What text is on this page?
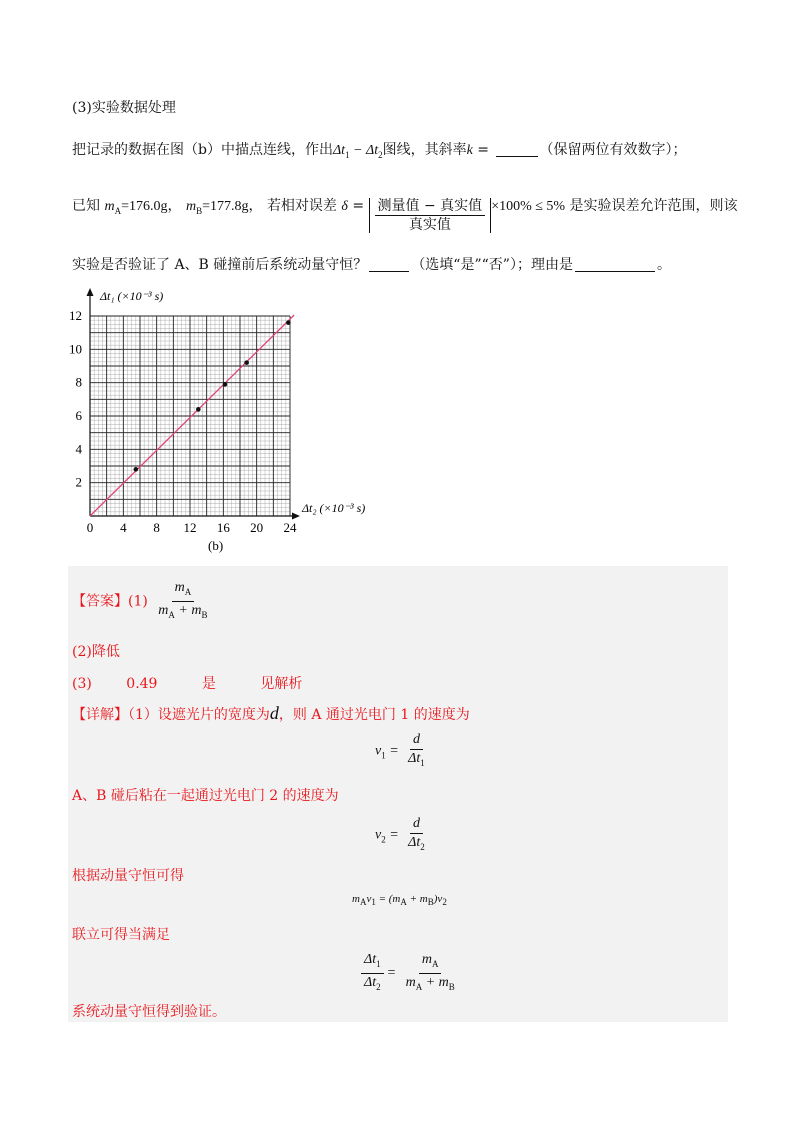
(3)实验数据处理
把记录的数据在图（b）中描点连线，作出$\Delta t_1 - \Delta t_2$图线，其斜率k =	（保留两位有效数字）；
已知 $m_A=176.0g$， $m_B=177.8g$， 若相对误差 $\delta = \frac{\text{测量值 − 真实值}}{\text{真实值}} \times 100\% \le 5\%$ 是实验误差允许范围，则该
实验是否验证了 A、B 碰撞前后系统动量守恒？	（选填“是”“否”）；理由是	。
0 4 8 12 16 20 24
2
4
6
8
10
12
Δt₁ (×10⁻³ s)
Δt₂ (×10⁻³ s)
(b)
【答案】$(1) \frac{m_A}{m_A + m_B}$
(2)降低
(3) 0.49	是	见解析
【详解】（1）设遮光片的宽度为d，则 A 通过光电门 1 的速度为
$v_1 = \frac{d}{\Delta t_1}$
A、B 碰后粘在一起通过光电门 2 的速度为
$v_2 = \frac{d}{\Delta t_2}$
根据动量守恒可得
$m_Av_1 = (m_A + m_B)v_2$
联立可得当满足
$\frac{\Delta t_1}{\Delta t_2} = \frac{m_A}{m_A + m_B}$
系统动量守恒得到验证。
